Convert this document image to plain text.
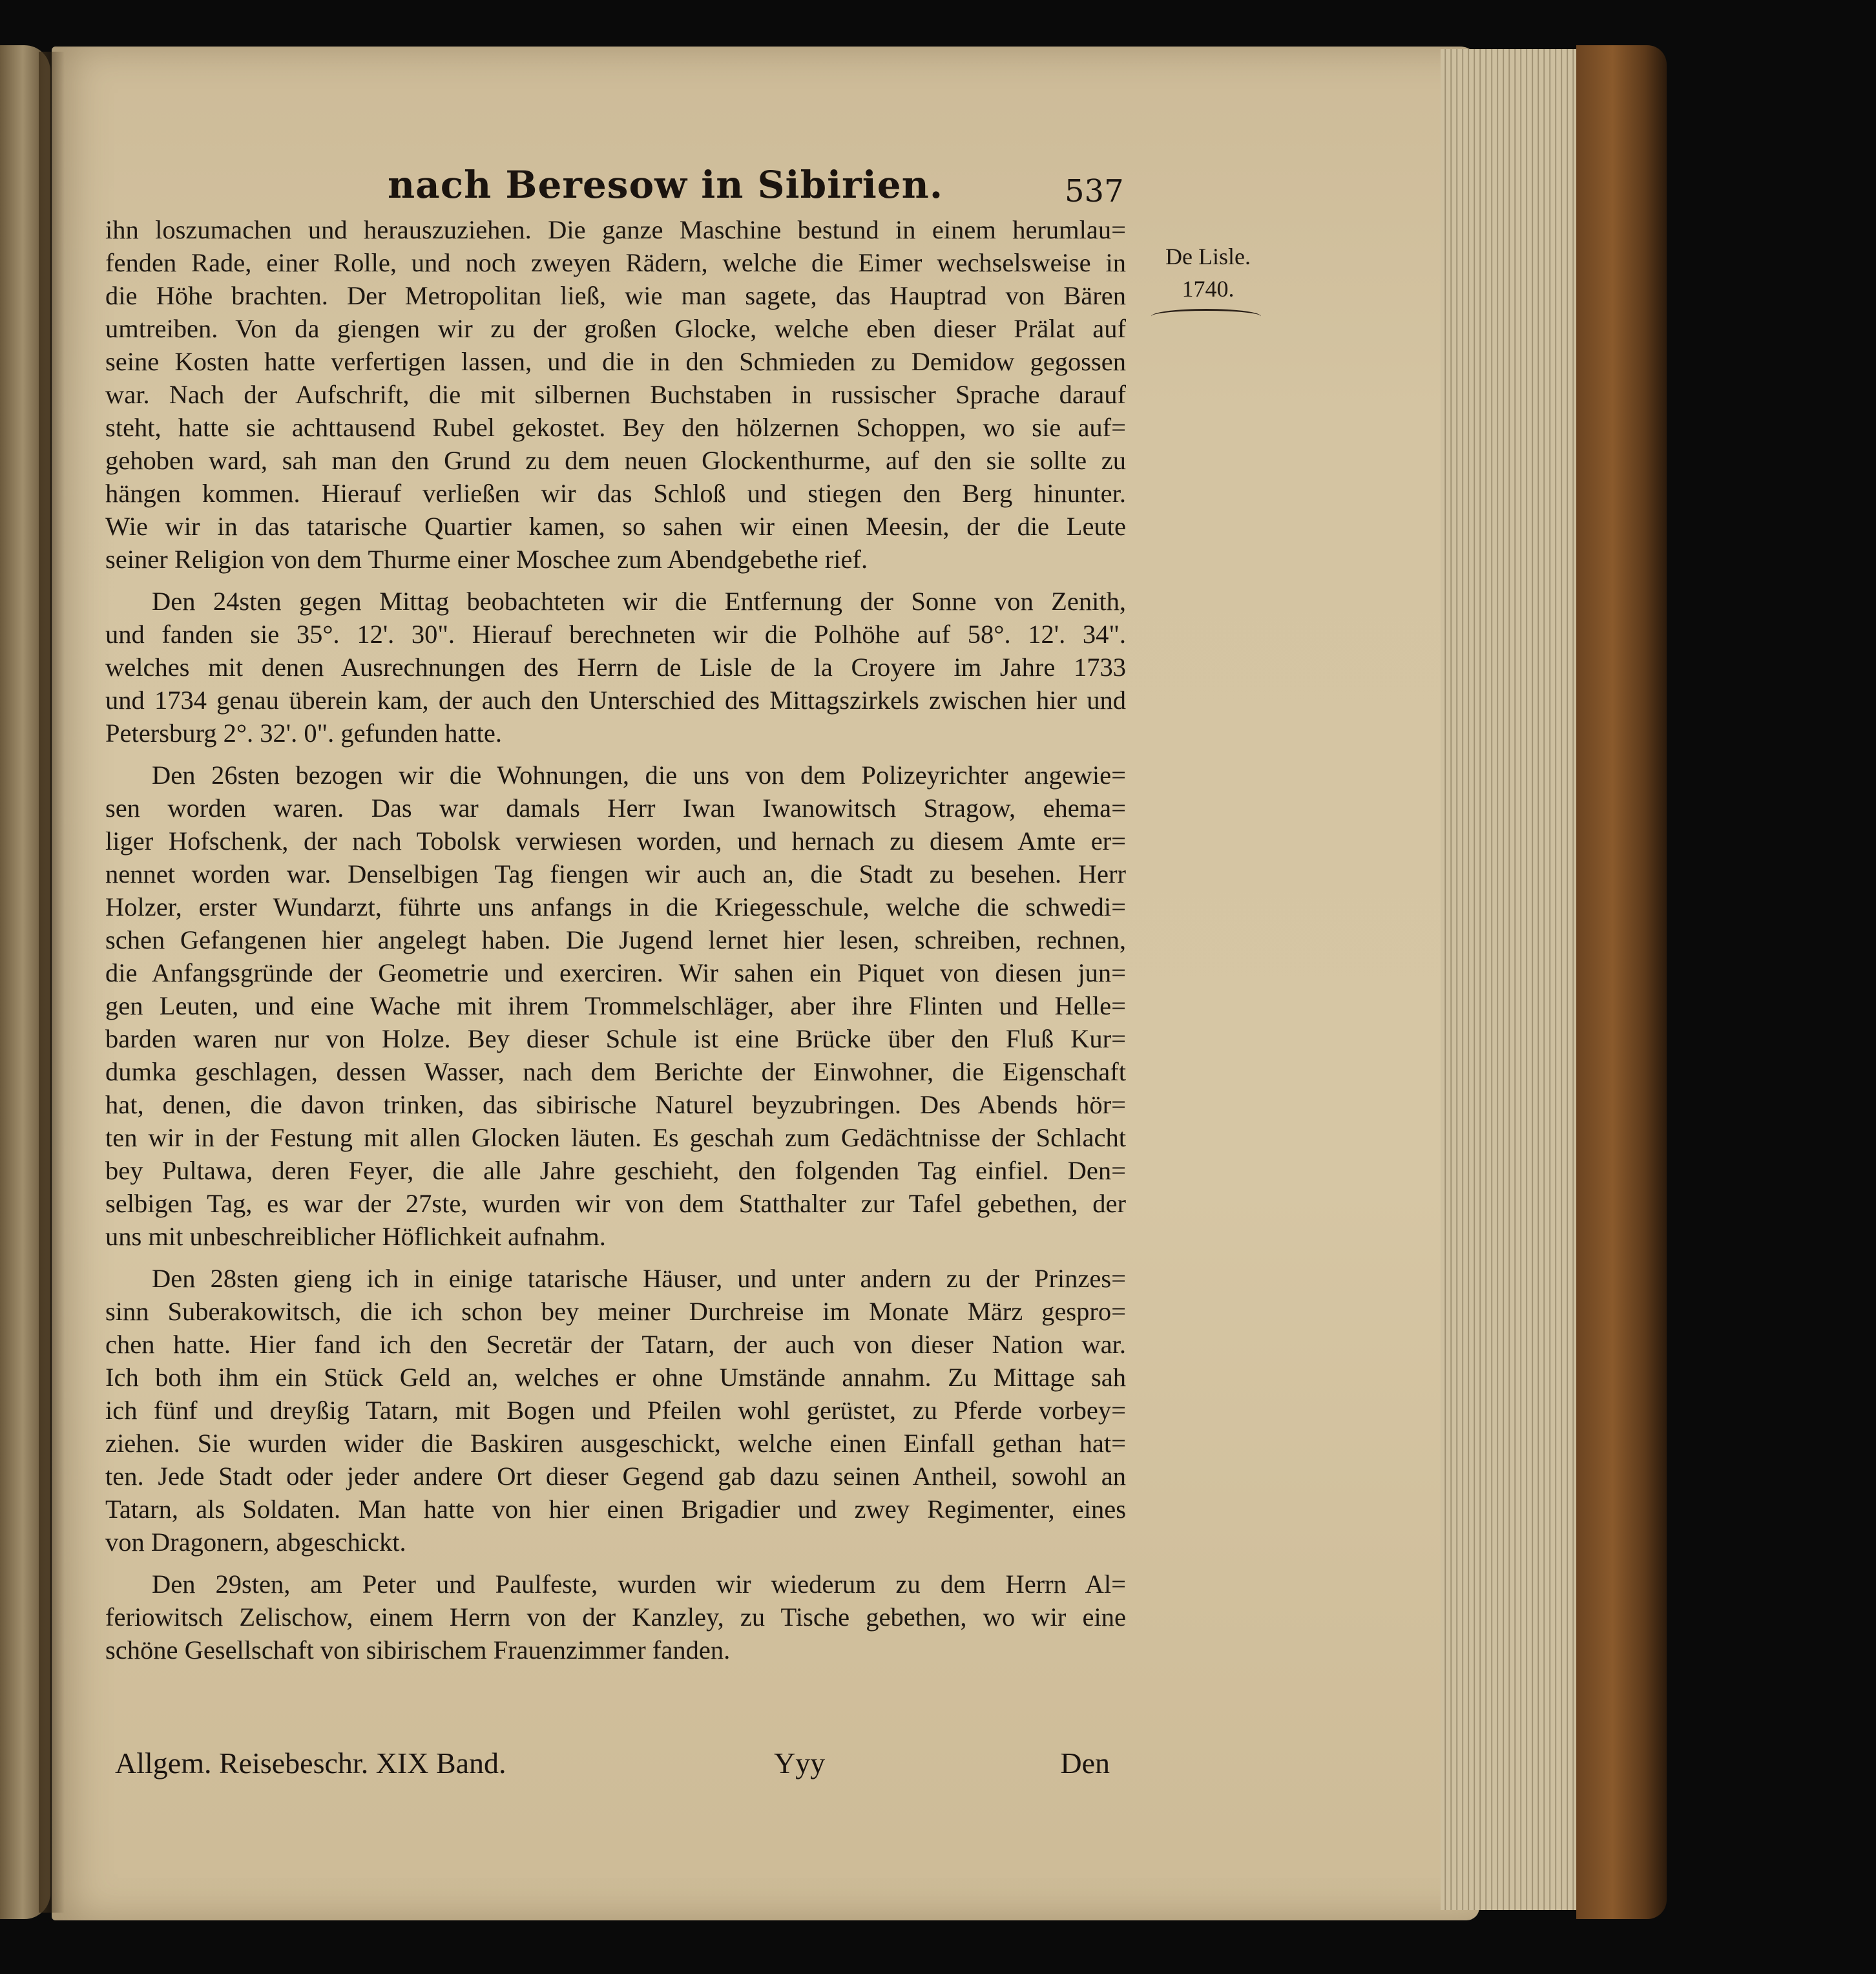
nach Beresow in Sibirien.	537
De Lisle.
1740.
ihn loszumachen und herauszuziehen. Die ganze Maschine bestund in einem herumlau=
fenden Rade, einer Rolle, und noch zweyen Rädern, welche die Eimer wechselsweise in
die Höhe brachten. Der Metropolitan ließ, wie man sagete, das Hauptrad von Bären
umtreiben. Von da giengen wir zu der großen Glocke, welche eben dieser Prälat auf
seine Kosten hatte verfertigen lassen, und die in den Schmieden zu Demidow gegossen
war. Nach der Aufschrift, die mit silbernen Buchstaben in russischer Sprache darauf
steht, hatte sie achttausend Rubel gekostet. Bey den hölzernen Schoppen, wo sie auf=
gehoben ward, sah man den Grund zu dem neuen Glockenthurme, auf den sie sollte zu
hängen kommen. Hierauf verließen wir das Schloß und stiegen den Berg hinunter.
Wie wir in das tatarische Quartier kamen, so sahen wir einen Meesin, der die Leute
seiner Religion von dem Thurme einer Moschee zum Abendgebethe rief.
Den 24sten gegen Mittag beobachteten wir die Entfernung der Sonne von Zenith,
und fanden sie 35°. 12'. 30". Hierauf berechneten wir die Polhöhe auf 58°. 12'. 34".
welches mit denen Ausrechnungen des Herrn de Lisle de la Croyere im Jahre 1733
und 1734 genau überein kam, der auch den Unterschied des Mittagszirkels zwischen hier und
Petersburg 2°. 32'. 0". gefunden hatte.
Den 26sten bezogen wir die Wohnungen, die uns von dem Polizeyrichter angewie=
sen worden waren. Das war damals Herr Iwan Iwanowitsch Stragow, ehema=
liger Hofschenk, der nach Tobolsk verwiesen worden, und hernach zu diesem Amte er=
nennet worden war. Denselbigen Tag fiengen wir auch an, die Stadt zu besehen. Herr
Holzer, erster Wundarzt, führte uns anfangs in die Kriegesschule, welche die schwedi=
schen Gefangenen hier angelegt haben. Die Jugend lernet hier lesen, schreiben, rechnen,
die Anfangsgründe der Geometrie und exerciren. Wir sahen ein Piquet von diesen jun=
gen Leuten, und eine Wache mit ihrem Trommelschläger, aber ihre Flinten und Helle=
barden waren nur von Holze. Bey dieser Schule ist eine Brücke über den Fluß Kur=
dumka geschlagen, dessen Wasser, nach dem Berichte der Einwohner, die Eigenschaft
hat, denen, die davon trinken, das sibirische Naturel beyzubringen. Des Abends hör=
ten wir in der Festung mit allen Glocken läuten. Es geschah zum Gedächtnisse der Schlacht
bey Pultawa, deren Feyer, die alle Jahre geschieht, den folgenden Tag einfiel. Den=
selbigen Tag, es war der 27ste, wurden wir von dem Statthalter zur Tafel gebethen, der
uns mit unbeschreiblicher Höflichkeit aufnahm.
Den 28sten gieng ich in einige tatarische Häuser, und unter andern zu der Prinzes=
sinn Suberakowitsch, die ich schon bey meiner Durchreise im Monate März gespro=
chen hatte. Hier fand ich den Secretär der Tatarn, der auch von dieser Nation war.
Ich both ihm ein Stück Geld an, welches er ohne Umstände annahm. Zu Mittage sah
ich fünf und dreyßig Tatarn, mit Bogen und Pfeilen wohl gerüstet, zu Pferde vorbey=
ziehen. Sie wurden wider die Baskiren ausgeschickt, welche einen Einfall gethan hat=
ten. Jede Stadt oder jeder andere Ort dieser Gegend gab dazu seinen Antheil, sowohl an
Tatarn, als Soldaten. Man hatte von hier einen Brigadier und zwey Regimenter, eines
von Dragonern, abgeschickt.
Den 29sten, am Peter und Paulfeste, wurden wir wiederum zu dem Herrn Al=
feriowitsch Zelischow, einem Herrn von der Kanzley, zu Tische gebethen, wo wir eine
schöne Gesellschaft von sibirischem Frauenzimmer fanden.
Allgem. Reisebeschr. XIX Band.	Yyy	Den
